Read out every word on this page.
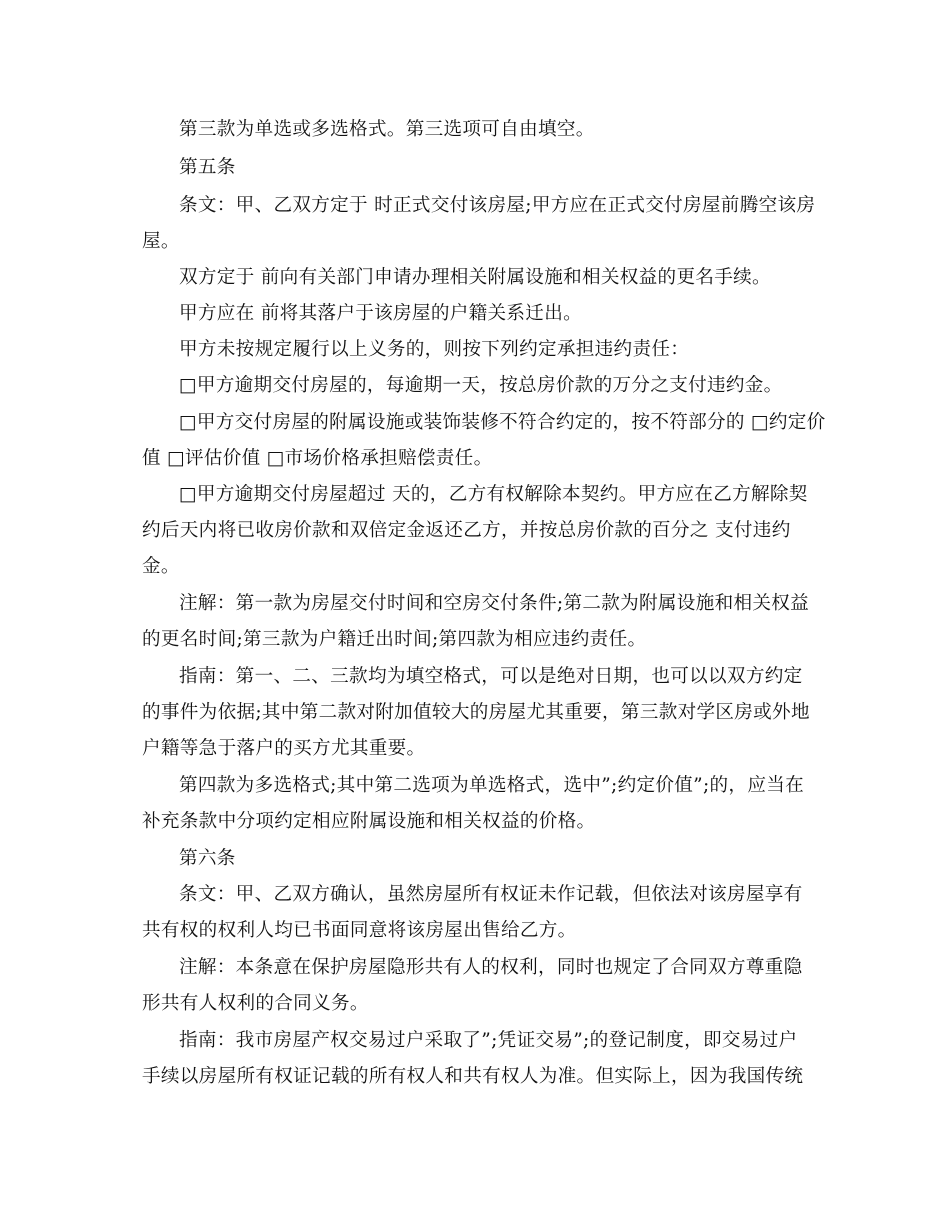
第三款为单选或多选格式。第三选项可自由填空。

第五条

条文：甲、乙双方定于 时正式交付该房屋;甲方应在正式交付房屋前腾空该房

屋。

双方定于 前向有关部门申请办理相关附属设施和相关权益的更名手续。

甲方应在 前将其落户于该房屋的户籍关系迁出。

甲方未按规定履行以上义务的，则按下列约定承担违约责任：

□甲方逾期交付房屋的，每逾期一天，按总房价款的万分之支付违约金。

□甲方交付房屋的附属设施或装饰装修不符合约定的，按不符部分的 □约定价

值 □评估价值 □市场价格承担赔偿责任。

□甲方逾期交付房屋超过 天的，乙方有权解除本契约。甲方应在乙方解除契

约后天内将已收房价款和双倍定金返还乙方，并按总房价款的百分之 支付违约

金。

注解：第一款为房屋交付时间和空房交付条件;第二款为附属设施和相关权益

的更名时间;第三款为户籍迁出时间;第四款为相应违约责任。

指南：第一、二、三款均为填空格式，可以是绝对日期，也可以以双方约定

的事件为依据;其中第二款对附加值较大的房屋尤其重要，第三款对学区房或外地

户籍等急于落户的买方尤其重要。

第四款为多选格式;其中第二选项为单选格式，选中”;约定价值”;的，应当在

补充条款中分项约定相应附属设施和相关权益的价格。

第六条

条文：甲、乙双方确认，虽然房屋所有权证未作记载，但依法对该房屋享有

共有权的权利人均已书面同意将该房屋出售给乙方。

注解：本条意在保护房屋隐形共有人的权利，同时也规定了合同双方尊重隐

形共有人权利的合同义务。

指南：我市房屋产权交易过户采取了”;凭证交易”;的登记制度，即交易过户

手续以房屋所有权证记载的所有权人和共有权人为准。但实际上，因为我国传统
